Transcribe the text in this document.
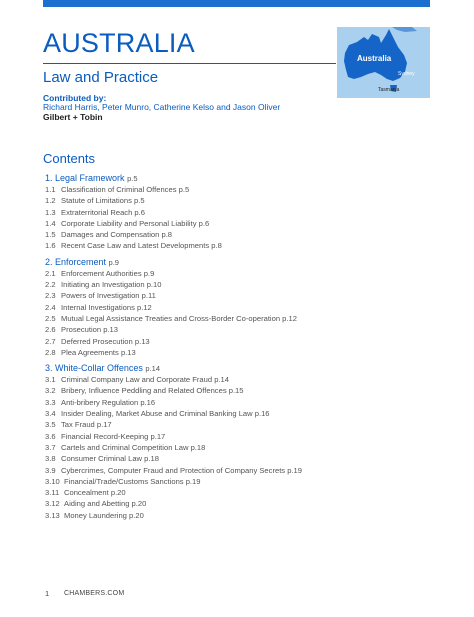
AUSTRALIA
Law and Practice
Contributed by:
Richard Harris, Peter Munro, Catherine Kelso and Jason Oliver
Gilbert + Tobin
Australia
Sydney
Tasmania
Contents
1. Legal Framework p.5
1.1 Classification of Criminal Offences p.5
1.2 Statute of Limitations p.5
1.3 Extraterritorial Reach p.6
1.4 Corporate Liability and Personal Liability p.6
1.5 Damages and Compensation p.8
1.6 Recent Case Law and Latest Developments p.8
2. Enforcement p.9
2.1 Enforcement Authorities p.9
2.2 Initiating an Investigation p.10
2.3 Powers of Investigation p.11
2.4 Internal Investigations p.12
2.5 Mutual Legal Assistance Treaties and Cross-Border Co-operation p.12
2.6 Prosecution p.13
2.7 Deferred Prosecution p.13
2.8 Plea Agreements p.13
3. White-Collar Offences p.14
3.1 Criminal Company Law and Corporate Fraud p.14
3.2 Bribery, Influence Peddling and Related Offences p.15
3.3 Anti-bribery Regulation p.16
3.4 Insider Dealing, Market Abuse and Criminal Banking Law p.16
3.5 Tax Fraud p.17
3.6 Financial Record-Keeping p.17
3.7 Cartels and Criminal Competition Law p.18
3.8 Consumer Criminal Law p.18
3.9 Cybercrimes, Computer Fraud and Protection of Company Secrets p.19
3.10 Financial/Trade/Customs Sanctions p.19
3.11 Concealment p.20
3.12 Aiding and Abetting p.20
3.13 Money Laundering p.20
1 CHAMBERS.COM
